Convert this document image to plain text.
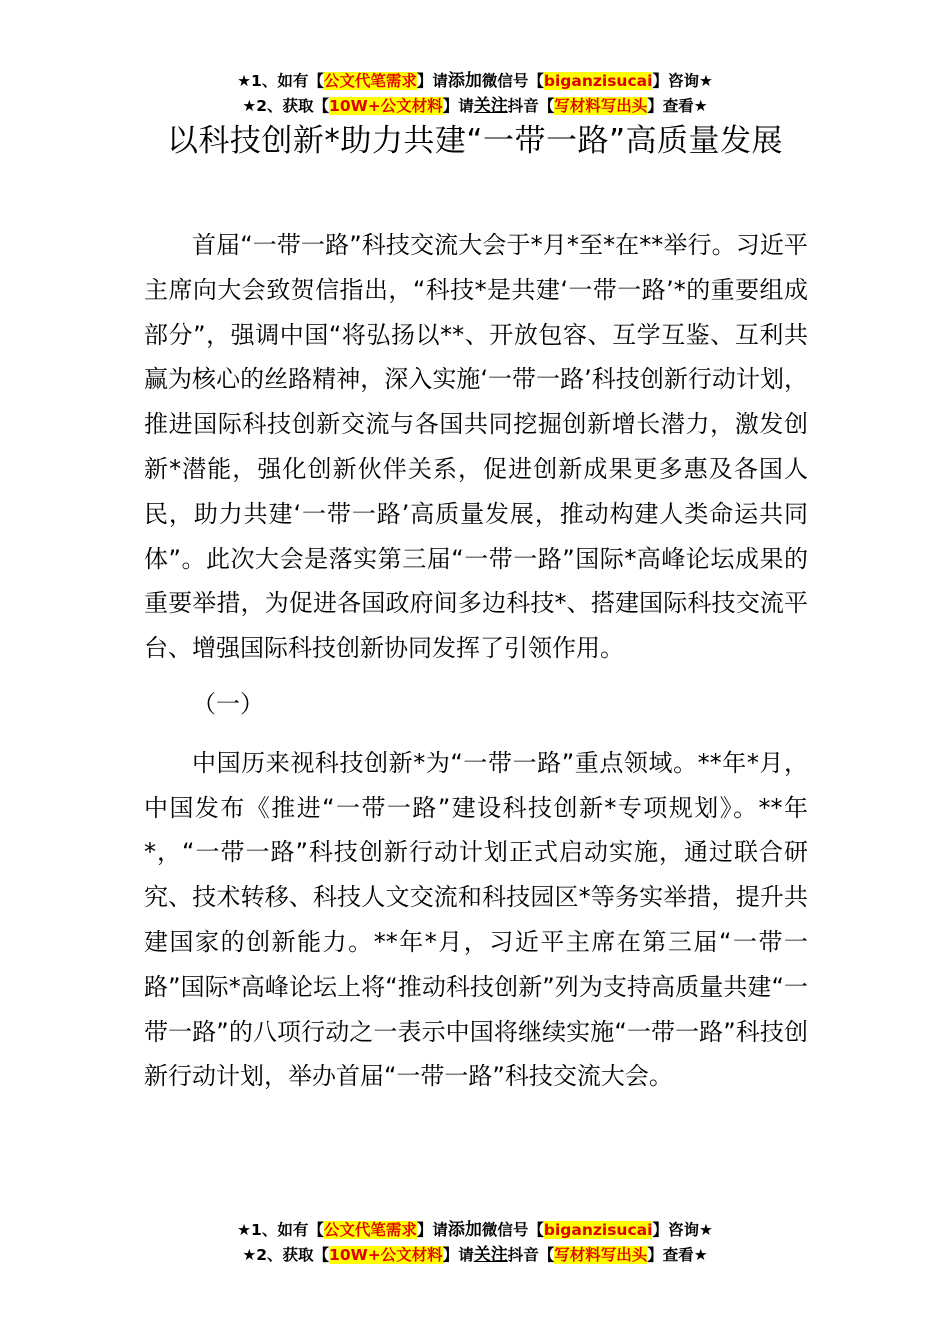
★1、如有【公文代笔需求】请添加微信号【biganzisucai】咨询★
★2、获取【10W+公文材料】请关注抖音【写材料写出头】查看★
以科技创新*助力共建“一带一路”高质量发展

首届“一带一路”科技交流大会于*月*至*在**举行。习近平主席向大会致贺信指出，“科技*是共建‘一带一路’*的重要组成部分”，强调中国“将弘扬以**、开放包容、互学互鉴、互利共赢为核心的丝路精神，深入实施‘一带一路’科技创新行动计划，推进国际科技创新交流与各国共同挖掘创新增长潜力，激发创新*潜能，强化创新伙伴关系，促进创新成果更多惠及各国人民，助力共建‘一带一路’高质量发展，推动构建人类命运共同体”。此次大会是落实第三届“一带一路”国际*高峰论坛成果的重要举措，为促进各国政府间多边科技*、搭建国际科技交流平台、增强国际科技创新协同发挥了引领作用。

（一）

中国历来视科技创新*为“一带一路”重点领域。**年*月，中国发布《推进“一带一路”建设科技创新*专项规划》。**年*，“一带一路”科技创新行动计划正式启动实施，通过联合研究、技术转移、科技人文交流和科技园区*等务实举措，提升共建国家的创新能力。**年*月，习近平主席在第三届“一带一路”国际*高峰论坛上将“推动科技创新”列为支持高质量共建“一带一路”的八项行动之一表示中国将继续实施“一带一路”科技创新行动计划，举办首届“一带一路”科技交流大会。

★1、如有【公文代笔需求】请添加微信号【biganzisucai】咨询★
★2、获取【10W+公文材料】请关注抖音【写材料写出头】查看★
